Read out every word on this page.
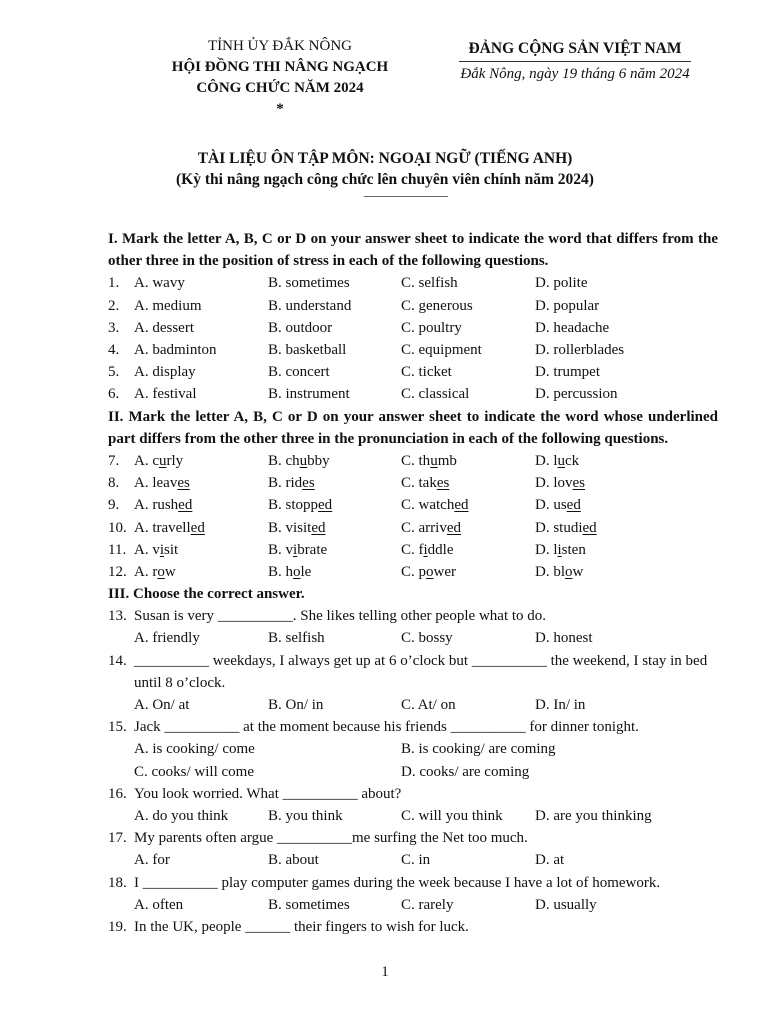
TỈNH ỦY ĐẮK NÔNG
HỘI ĐỒNG THI NÂNG NGẠCH
CÔNG CHỨC NĂM 2024
*
ĐẢNG CỘNG SẢN VIỆT NAM
Đắk Nông, ngày 19 tháng 6 năm 2024
TÀI LIỆU ÔN TẬP MÔN: NGOẠI NGỮ (TIẾNG ANH)
(Kỳ thi nâng ngạch công chức lên chuyên viên chính năm 2024)
I. Mark the letter A, B, C or D on your answer sheet to indicate the word that differs from the other three in the position of stress in each of the following questions.
1. A. wavy	B. sometimes	C. selfish	D. polite
2. A. medium	B. understand	C. generous	D. popular
3. A. dessert	B. outdoor	C. poultry	D. headache
4. A. badminton	B. basketball	C. equipment	D. rollerblades
5. A. display	B. concert	C. ticket	D. trumpet
6. A. festival	B. instrument	C. classical	D. percussion
II. Mark the letter A, B, C or D on your answer sheet to indicate the word whose underlined part differs from the other three in the pronunciation in each of the following questions.
7. A. curly	B. chubby	C. thumb	D. luck
8. A. leaves	B. rides	C. takes	D. loves
9. A. rushed	B. stopped	C. watched	D. used
10. A. travelled	B. visited	C. arrived	D. studied
11. A. visit	B. vibrate	C. fiddle	D. listen
12. A. row	B. hole	C. power	D. blow
III. Choose the correct answer.
13. Susan is very __________. She likes telling other people what to do.
A. friendly	B. selfish	C. bossy	D. honest
14. __________ weekdays, I always get up at 6 o’clock but __________ the weekend, I stay in bed until 8 o’clock.
A. On/ at	B. On/ in	C. At/ on	D. In/ in
15. Jack __________ at the moment because his friends __________ for dinner tonight.
A. is cooking/ come	B. is cooking/ are coming
C. cooks/ will come	D. cooks/ are coming
16. You look worried. What __________ about?
A. do you think	B. you think	C. will you think D. are you thinking
17. My parents often argue __________me surfing the Net too much.
A. for	B. about	C. in	D. at
18. I __________ play computer games during the week because I have a lot of homework.
A. often	B. sometimes	C. rarely	D. usually
19. In the UK, people ______ their fingers to wish for luck.
1
